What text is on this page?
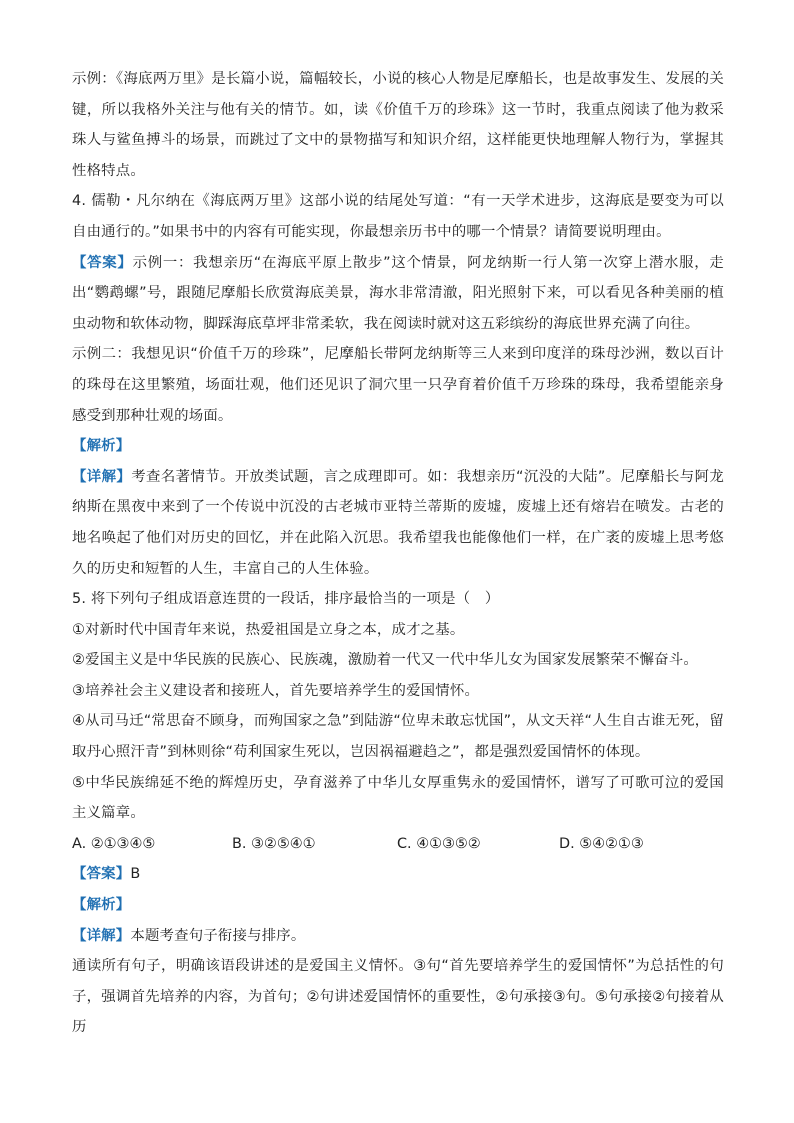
示例：《海底两万里》是长篇小说，篇幅较长，小说的核心人物是尼摩船长，也是故事发生、发展的关键，所以我格外关注与他有关的情节。如，读《价值千万的珍珠》这一节时，我重点阅读了他为救采珠人与鲨鱼搏斗的场景，而跳过了文中的景物描写和知识介绍，这样能更快地理解人物行为，掌握其性格特点。

4. 儒勒・凡尔纳在《海底两万里》这部小说的结尾处写道：“有一天学术进步，这海底是要变为可以自由通行的。”如果书中的内容有可能实现，你最想亲历书中的哪一个情景？请简要说明理由。

【答案】示例一：我想亲历“在海底平原上散步”这个情景，阿龙纳斯一行人第一次穿上潜水服，走出“鹦鹉螺”号，跟随尼摩船长欣赏海底美景，海水非常清澈，阳光照射下来，可以看见各种美丽的植虫动物和软体动物，脚踩海底草坪非常柔软，我在阅读时就对这五彩缤纷的海底世界充满了向往。

示例二：我想见识“价值千万的珍珠”，尼摩船长带阿龙纳斯等三人来到印度洋的珠母沙洲，数以百计的珠母在这里繁殖，场面壮观，他们还见识了洞穴里一只孕育着价值千万珍珠的珠母，我希望能亲身感受到那种壮观的场面。

【解析】

【详解】考查名著情节。开放类试题，言之成理即可。如：我想亲历“沉没的大陆”。尼摩船长与阿龙纳斯在黑夜中来到了一个传说中沉没的古老城市亚特兰蒂斯的废墟，废墟上还有熔岩在喷发。古老的地名唤起了他们对历史的回忆，并在此陷入沉思。我希望我也能像他们一样，在广袤的废墟上思考悠久的历史和短暂的人生，丰富自己的人生体验。

5. 将下列句子组成语意连贯的一段话，排序最恰当的一项是（　）

①对新时代中国青年来说，热爱祖国是立身之本，成才之基。

②爱国主义是中华民族的民族心、民族魂，激励着一代又一代中华儿女为国家发展繁荣不懈奋斗。

③培养社会主义建设者和接班人，首先要培养学生的爱国情怀。

④从司马迁“常思奋不顾身，而殉国家之急”到陆游“位卑未敢忘忧国”，从文天祥“人生自古谁无死，留取丹心照汗青”到林则徐“苟利国家生死以，岂因祸福避趋之”，都是强烈爱国情怀的体现。

⑤中华民族绵延不绝的辉煌历史，孕育滋养了中华儿女厚重隽永的爱国情怀，谱写了可歌可泣的爱国主义篇章。

A. ②①③④⑤	B. ③②⑤④①	C. ④①③⑤②	D. ⑤④②①③

【答案】B

【解析】

【详解】本题考查句子衔接与排序。

通读所有句子，明确该语段讲述的是爱国主义情怀。③句“首先要培养学生的爱国情怀”为总括性的句子，强调首先培养的内容，为首句；②句讲述爱国情怀的重要性，②句承接③句。⑤句承接②句接着从历
